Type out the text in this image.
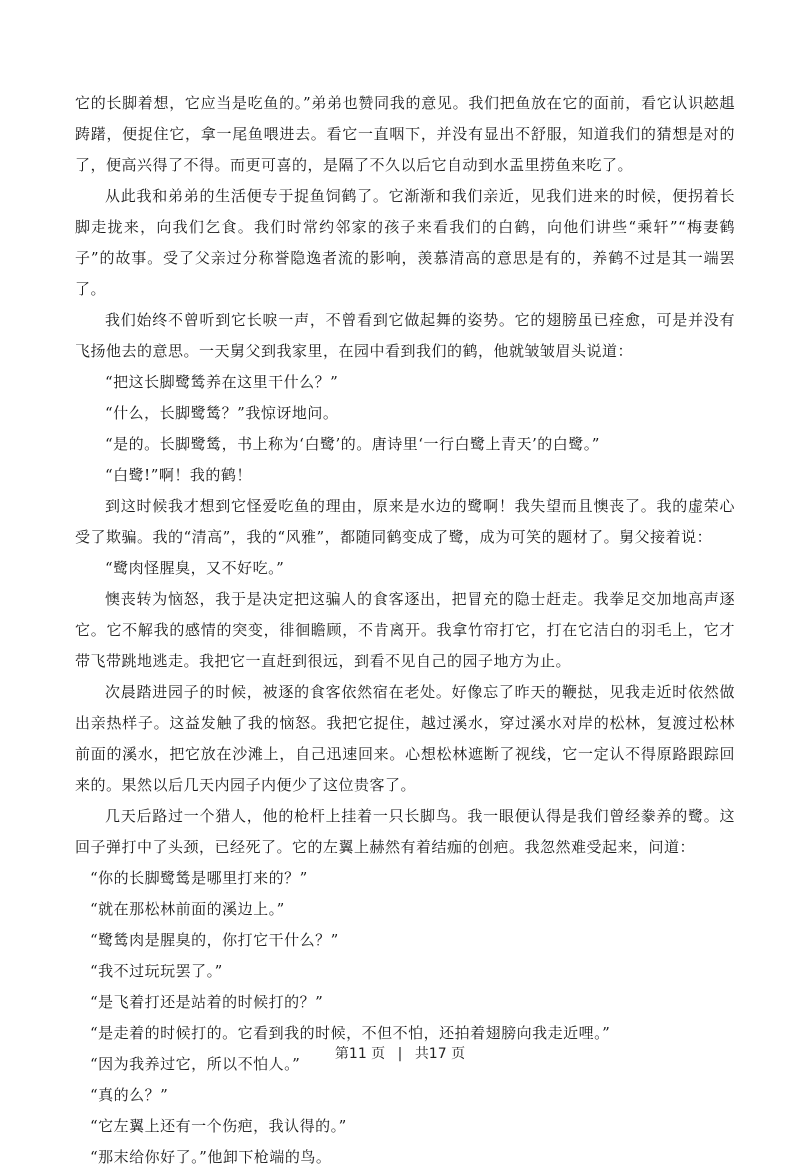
它的长脚着想，它应当是吃鱼的。”弟弟也赞同我的意见。我们把鱼放在它的面前，看它认识趑趄踌躇，便捉住它，拿一尾鱼喂进去。看它一直咽下，并没有显出不舒服，知道我们的猜想是对的了，便高兴得了不得。而更可喜的，是隔了不久以后它自动到水盂里捞鱼来吃了。

从此我和弟弟的生活便专于捉鱼饲鹤了。它渐渐和我们亲近，见我们进来的时候，便拐着长脚走拢来，向我们乞食。我们时常约邻家的孩子来看我们的白鹤，向他们讲些“乘轩”“梅妻鹤子”的故事。受了父亲过分称誉隐逸者流的影响，羡慕清高的意思是有的，养鹤不过是其一端罢了。

我们始终不曾听到它长唳一声，不曾看到它做起舞的姿势。它的翅膀虽已痊愈，可是并没有飞扬他去的意思。一天舅父到我家里，在园中看到我们的鹤，他就皱皱眉头说道：

“把这长脚鹭鸶养在这里干什么？”

“什么，长脚鹭鸶？”我惊讶地问。

“是的。长脚鹭鸶，书上称为‘白鹭’的。唐诗里‘一行白鹭上青天’的白鹭。”

“白鹭!”啊！我的鹤！

到这时候我才想到它怪爱吃鱼的理由，原来是水边的鹭啊！我失望而且懊丧了。我的虚荣心受了欺骗。我的“清高”，我的“风雅”，都随同鹤变成了鹭，成为可笑的题材了。舅父接着说：

“鹭肉怪腥臭，又不好吃。”

懊丧转为恼怒，我于是决定把这骗人的食客逐出，把冒充的隐士赶走。我拳足交加地高声逐它。它不解我的感情的突变，徘徊瞻顾，不肯离开。我拿竹帘打它，打在它洁白的羽毛上，它才带飞带跳地逃走。我把它一直赶到很远，到看不见自己的园子地方为止。

次晨踏进园子的时候，被逐的食客依然宿在老处。好像忘了昨天的鞭挞，见我走近时依然做出亲热样子。这益发触了我的恼怒。我把它捉住，越过溪水，穿过溪水对岸的松林，复渡过松林前面的溪水，把它放在沙滩上，自己迅速回来。心想松林遮断了视线，它一定认不得原路跟踪回来的。果然以后几天内园子内便少了这位贵客了。

几天后路过一个猎人，他的枪杆上挂着一只长脚鸟。我一眼便认得是我们曾经豢养的鹭。这回子弹打中了头颈，已经死了。它的左翼上赫然有着结痂的创疤。我忽然难受起来，问道：

“你的长脚鹭鸶是哪里打来的？”

“就在那松林前面的溪边上。”

“鹭鸶肉是腥臭的，你打它干什么？”

“我不过玩玩罢了。”

“是飞着打还是站着的时候打的？”

“是走着的时候打的。它看到我的时候，不但不怕，还拍着翅膀向我走近哩。”

“因为我养过它，所以不怕人。”

“真的么？”

“它左翼上还有一个伤疤，我认得的。”

“那末给你好了。”他卸下枪端的鸟。

第11 页 | 共17 页
